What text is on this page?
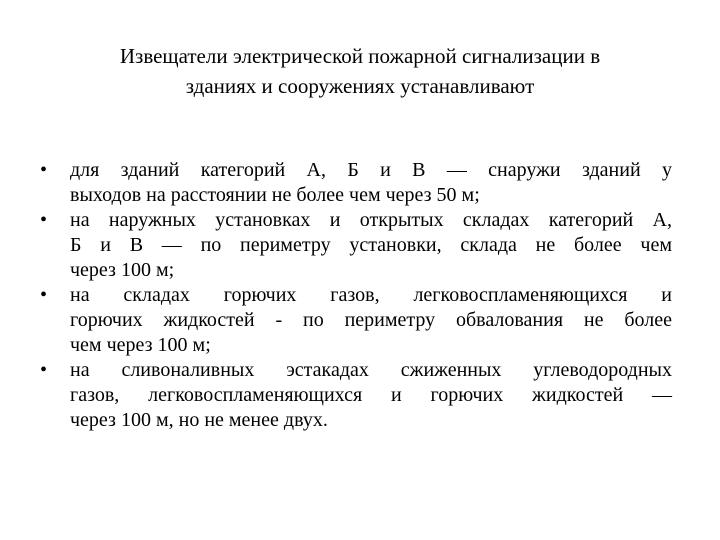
Извещатели электрической пожарной сигнализации в
зданиях и сооружениях устанавливают
•	для зданий категорий А, Б и В — снаружи зданий у
выходов на расстоянии не более чем через 50 м;
•	на наружных установках и открытых складах категорий А,
Б и В — по периметру установки, склада не более чем
через 100 м;
•	на складах горючих газов, легковоспламеняющихся и
горючих жидкостей - по периметру обвалования не более
чем через 100 м;
•	на сливоналивных эстакадах сжиженных углеводородных
газов, легковоспламеняющихся и горючих жидкостей —
через 100 м, но не менее двух.
